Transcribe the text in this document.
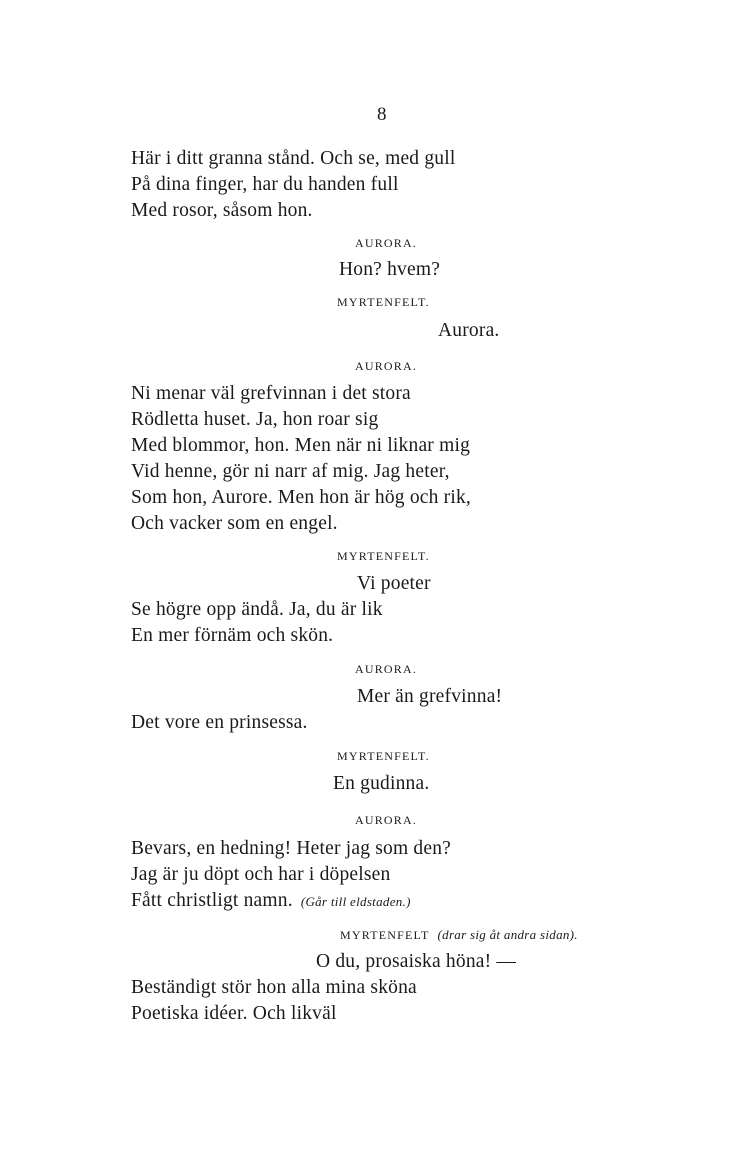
8
Här i ditt granna stånd. Och se, med gull
På dina finger, har du handen full
Med rosor, såsom hon.
AURORA.
Hon? hvem?
MYRTENFELT.
Aurora.
AURORA.
Ni menar väl grefvinnan i det stora
Rödletta huset. Ja, hon roar sig
Med blommor, hon. Men när ni liknar mig
Vid henne, gör ni narr af mig. Jag heter,
Som hon, Aurore. Men hon är hög och rik,
Och vacker som en engel.
MYRTENFELT.
Vi poeter
Se högre opp ändå. Ja, du är lik
En mer förnäm och skön.
AURORA.
Mer än grefvinna!
Det vore en prinsessa.
MYRTENFELT.
En gudinna.
AURORA.
Bevars, en hedning! Heter jag som den?
Jag är ju döpt och har i döpelsen
Fått christligt namn. (Går till eldstaden.)
MYRTENFELT (drar sig åt andra sidan).
O du, prosaiska höna! —
Beständigt stör hon alla mina sköna
Poetiska idéer. Och likväl
